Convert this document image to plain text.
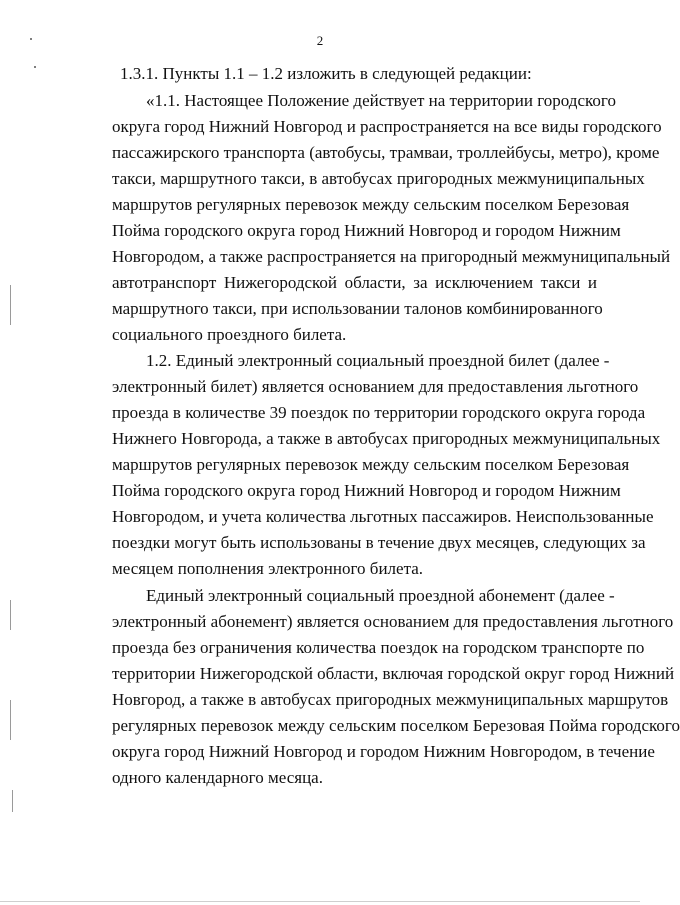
2
1.3.1. Пункты 1.1 – 1.2 изложить в следующей редакции:
«1.1. Настоящее Положение действует на территории городского
округа город Нижний Новгород и распространяется на все виды городского
пассажирского транспорта (автобусы, трамваи, троллейбусы, метро), кроме
такси, маршрутного такси, в автобусах пригородных межмуниципальных
маршрутов регулярных перевозок между сельским поселком Березовая
Пойма городского округа город Нижний Новгород и городом Нижним
Новгородом, а также распространяется на пригородный межмуниципальный
автотранспорт Нижегородской области, за исключением такси и
маршрутного такси, при использовании талонов комбинированного
социального проездного билета.
1.2. Единый электронный социальный проездной билет (далее -
электронный билет) является основанием для предоставления льготного
проезда в количестве 39 поездок по территории городского округа города
Нижнего Новгорода, а также в автобусах пригородных межмуниципальных
маршрутов регулярных перевозок между сельским поселком Березовая
Пойма городского округа город Нижний Новгород и городом Нижним
Новгородом, и учета количества льготных пассажиров. Неиспользованные
поездки могут быть использованы в течение двух месяцев, следующих за
месяцем пополнения электронного билета.
Единый электронный социальный проездной абонемент (далее -
электронный абонемент) является основанием для предоставления льготного
проезда без ограничения количества поездок на городском транспорте по
территории Нижегородской области, включая городской округ город Нижний
Новгород, а также в автобусах пригородных межмуниципальных маршрутов
регулярных перевозок между сельским поселком Березовая Пойма городского
округа город Нижний Новгород и городом Нижним Новгородом, в течение
одного календарного месяца.
